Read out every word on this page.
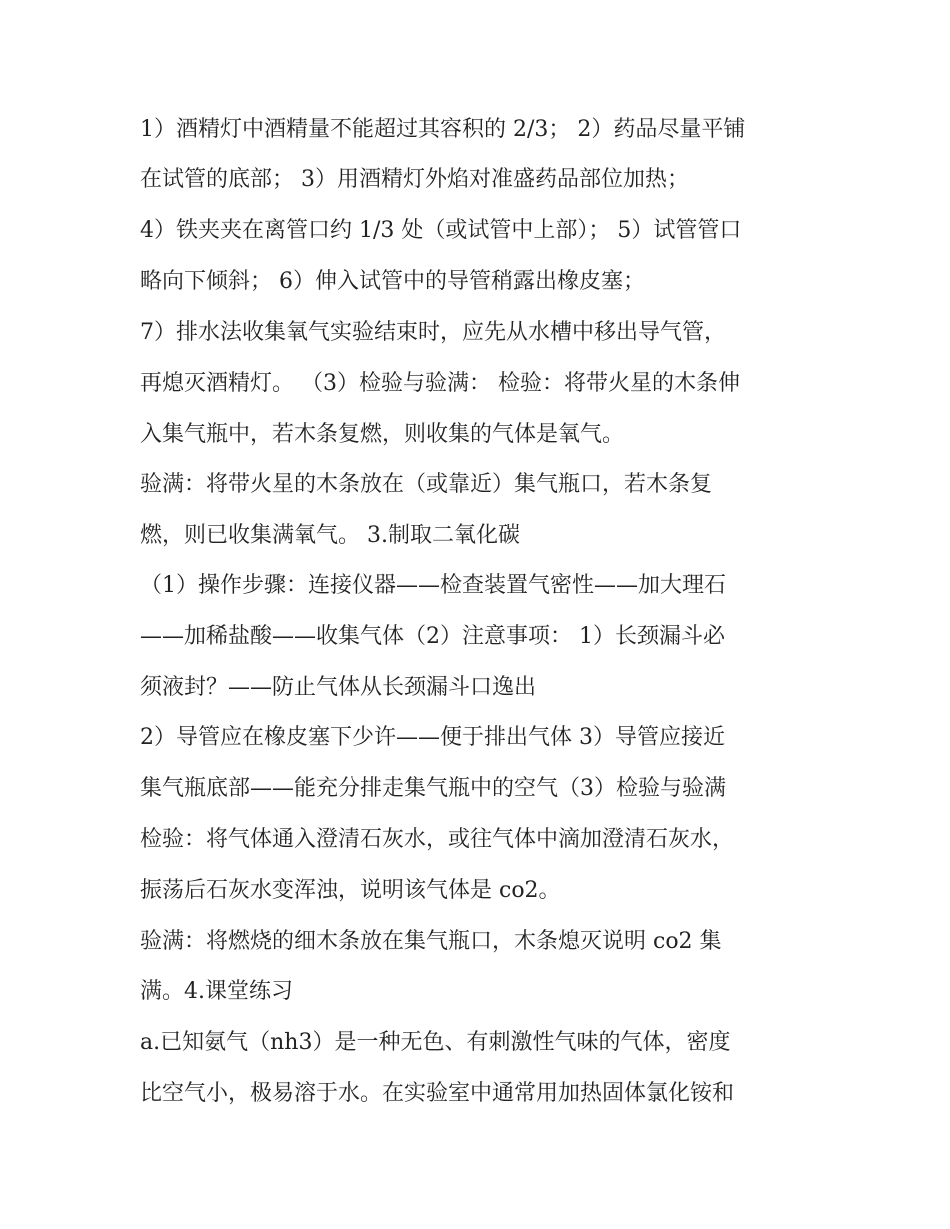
1）酒精灯中酒精量不能超过其容积的 2/3； 2）药品尽量平铺
在试管的底部； 3）用酒精灯外焰对准盛药品部位加热；
4）铁夹夹在离管口约 1/3 处（或试管中上部）； 5）试管管口
略向下倾斜； 6）伸入试管中的导管稍露出橡皮塞；
7）排水法收集氧气实验结束时，应先从水槽中移出导气管，
再熄灭酒精灯。 （3）检验与验满： 检验：将带火星的木条伸
入集气瓶中，若木条复燃，则收集的气体是氧气。
验满：将带火星的木条放在（或靠近）集气瓶口，若木条复
燃，则已收集满氧气。 3.制取二氧化碳
（1）操作步骤：连接仪器——检查装置气密性——加大理石
——加稀盐酸——收集气体（2）注意事项： 1）长颈漏斗必
须液封？——防止气体从长颈漏斗口逸出
2）导管应在橡皮塞下少许——便于排出气体 3）导管应接近
集气瓶底部——能充分排走集气瓶中的空气（3）检验与验满
检验：将气体通入澄清石灰水，或往气体中滴加澄清石灰水，
振荡后石灰水变浑浊，说明该气体是 co2。
验满：将燃烧的细木条放在集气瓶口，木条熄灭说明 co2 集
满。4.课堂练习
a.已知氨气（nh3）是一种无色、有刺激性气味的气体，密度
比空气小，极易溶于水。在实验室中通常用加热固体氯化铵和
